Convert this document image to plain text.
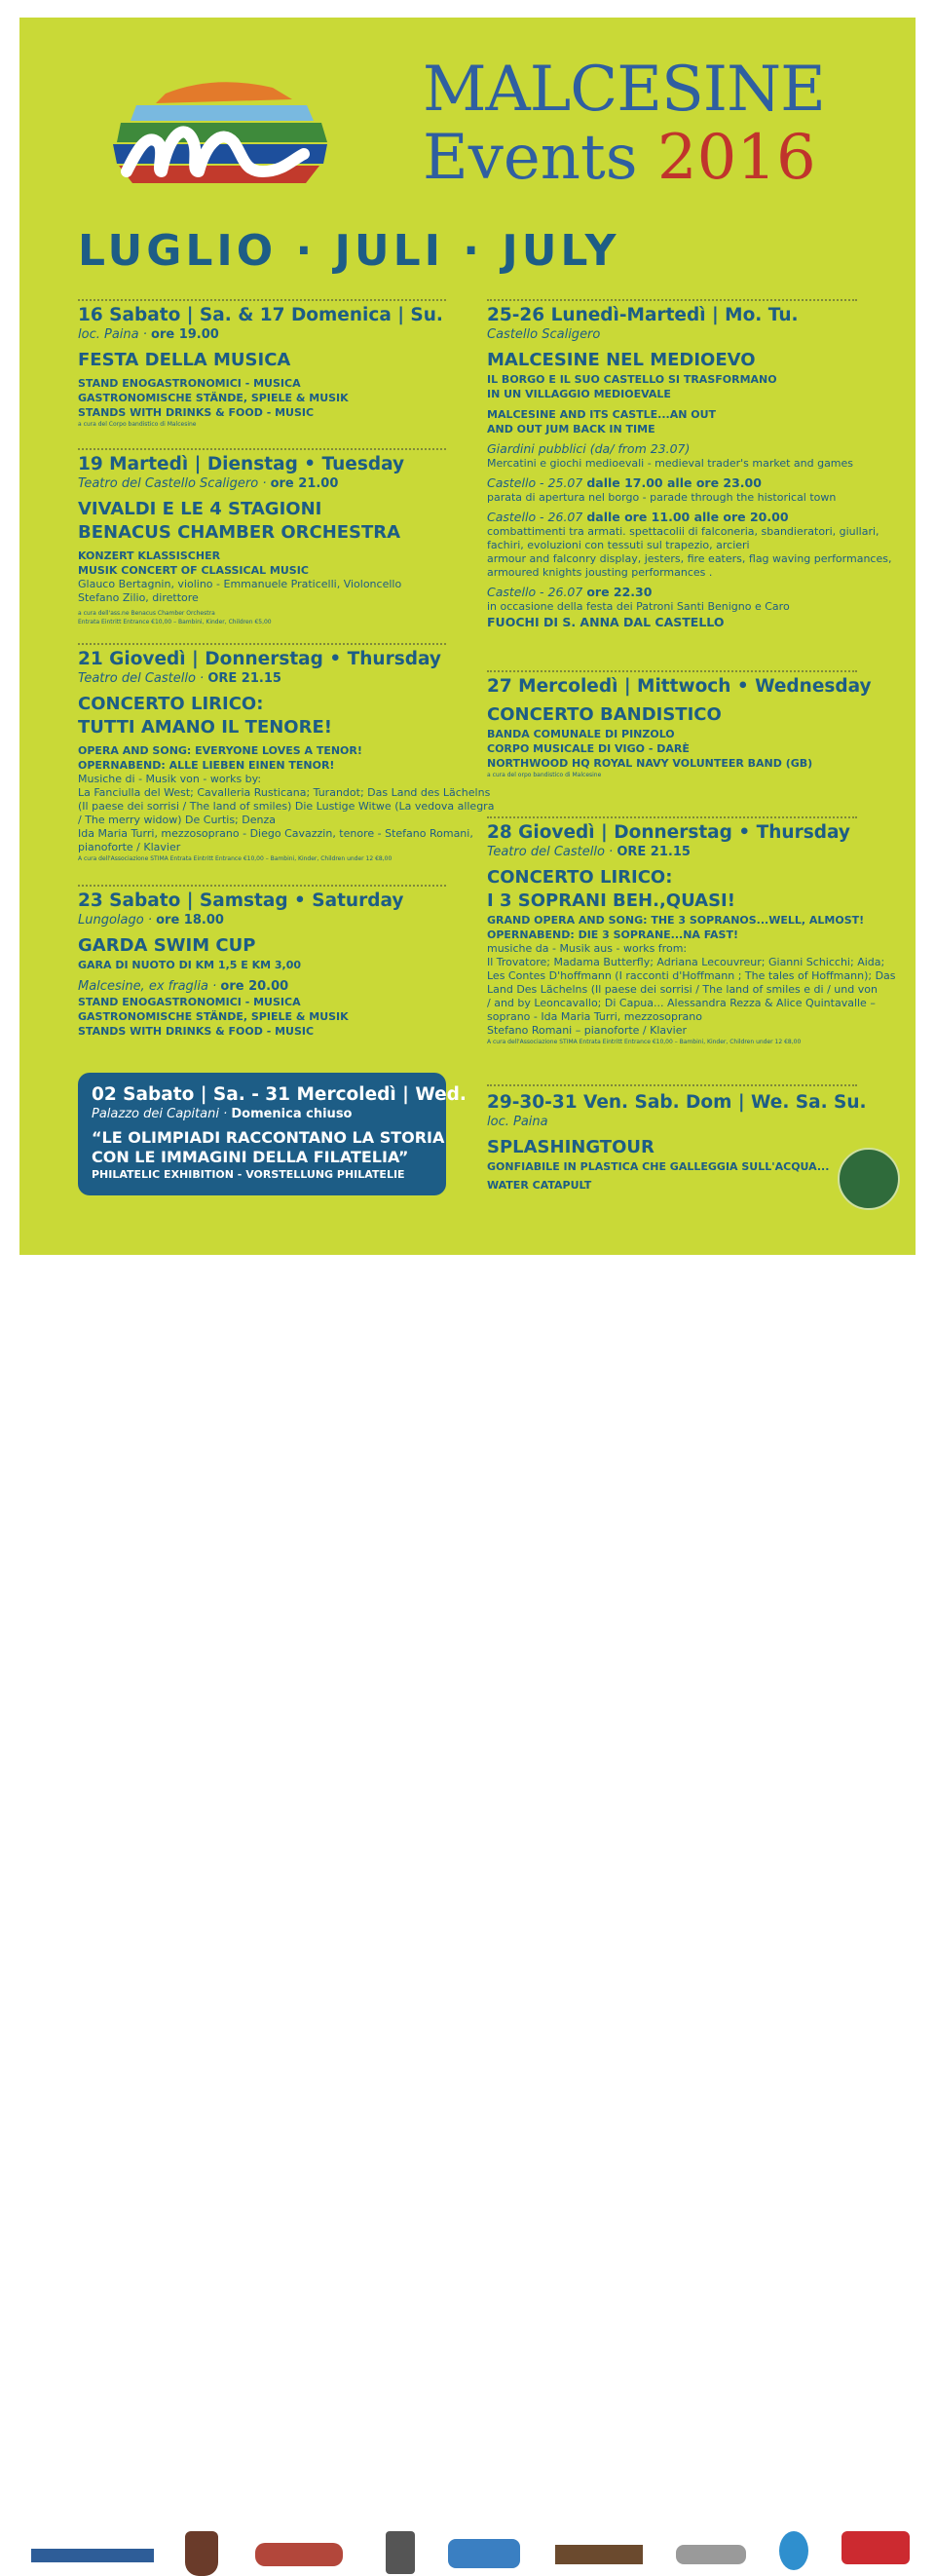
MALCESINE
Events 2016
LUGLIO · JULI · JULY
16 Sabato | Sa. & 17 Domenica | Su.
loc. Paina · ore 19.00
FESTA DELLA MUSICA
STAND ENOGASTRONOMICI - MUSICA
GASTRONOMISCHE STÄNDE, SPIELE & MUSIK
STANDS WITH DRINKS & FOOD - MUSIC
a cura del Corpo bandistico di Malcesine
19 Martedì | Dienstag • Tuesday
Teatro del Castello Scaligero · ore 21.00
VIVALDI E LE 4 STAGIONI
BENACUS CHAMBER ORCHESTRA
KONZERT KLASSISCHER
MUSIK CONCERT OF CLASSICAL MUSIC
Glauco Bertagnin, violino - Emmanuele Praticelli, Violoncello
Stefano Zilio, direttore
a cura dell'ass.ne Benacus Chamber Orchestra
Entrata Eintritt Entrance €10,00 – Bambini, Kinder, Children €5,00
21 Giovedì | Donnerstag • Thursday
Teatro del Castello · ORE 21.15
CONCERTO LIRICO:
TUTTI AMANO IL TENORE!
OPERA AND SONG: EVERYONE LOVES A TENOR!
OPERNABEND: ALLE LIEBEN EINEN TENOR!
Musiche di - Musik von - works by:
La Fanciulla del West; Cavalleria Rusticana; Turandot; Das Land des Lächelns
(Il paese dei sorrisi / The land of smiles) Die Lustige Witwe (La vedova allegra
/ The merry widow) De Curtis; Denza
Ida Maria Turri, mezzosoprano - Diego Cavazzin, tenore - Stefano Romani,
pianoforte / Klavier
A cura dell'Associazione STIMA Entrata Eintritt Entrance €10,00 – Bambini, Kinder, Children under 12 €8,00
23 Sabato | Samstag • Saturday
Lungolago · ore 18.00
GARDA SWIM CUP
GARA DI NUOTO DI KM 1,5 E KM 3,00
Malcesine, ex fraglia · ore 20.00
STAND ENOGASTRONOMICI - MUSICA
GASTRONOMISCHE STÄNDE, SPIELE & MUSIK
STANDS WITH DRINKS & FOOD - MUSIC
02 Sabato | Sa. - 31 Mercoledì | Wed.
Palazzo dei Capitani · Domenica chiuso
“LE OLIMPIADI RACCONTANO LA STORIA
CON LE IMMAGINI DELLA FILATELIA”
PHILATELIC EXHIBITION - VORSTELLUNG PHILATELIE
25-26 Lunedì-Martedì | Mo. Tu.
Castello Scaligero
MALCESINE NEL MEDIOEVO
IL BORGO E IL SUO CASTELLO SI TRASFORMANO
IN UN VILLAGGIO MEDIOEVALE
MALCESINE AND ITS CASTLE...AN OUT
AND OUT JUM BACK IN TIME
Giardini pubblici (da/ from 23.07)
Mercatini e giochi medioevali - medieval trader's market and games
Castello - 25.07 dalle 17.00 alle ore 23.00
parata di apertura nel borgo - parade through the historical town
Castello - 26.07 dalle ore 11.00 alle ore 20.00
combattimenti tra armati. spettacolii di falconeria, sbandieratori, giullari,
fachiri, evoluzioni con tessuti sul trapezio, arcieri
armour and falconry display, jesters, fire eaters, flag waving performances,
armoured knights jousting performances .
Castello - 26.07 ore 22.30
in occasione della festa dei Patroni Santi Benigno e Caro
FUOCHI DI S. ANNA DAL CASTELLO
27 Mercoledì | Mittwoch • Wednesday
CONCERTO BANDISTICO
BANDA COMUNALE DI PINZOLO
CORPO MUSICALE DI VIGO - DARÈ
NORTHWOOD HQ ROYAL NAVY VOLUNTEER BAND (GB)
a cura del orpo bandistico di Malcesine
28 Giovedì | Donnerstag • Thursday
Teatro del Castello · ORE 21.15
CONCERTO LIRICO:
I 3 SOPRANI BEH.,QUASI!
GRAND OPERA AND SONG: THE 3 SOPRANOS...WELL, ALMOST!
OPERNABEND: DIE 3 SOPRANE...NA FAST!
musiche da - Musik aus - works from:
Il Trovatore; Madama Butterfly; Adriana Lecouvreur; Gianni Schicchi; Aida;
Les Contes D'hoffmann (I racconti d'Hoffmann ; The tales of Hoffmann); Das
Land Des Lächelns (Il paese dei sorrisi / The land of smiles e di / und von
/ and by Leoncavallo; Di Capua... Alessandra Rezza & Alice Quintavalle –
soprano - Ida Maria Turri, mezzosoprano
Stefano Romani – pianoforte / Klavier
A cura dell'Associazione STIMA Entrata Eintritt Entrance €10,00 – Bambini, Kinder, Children under 12 €8,00
29-30-31 Ven. Sab. Dom | We. Sa. Su.
loc. Paina
SPLASHINGTOUR
GONFIABILE IN PLASTICA CHE GALLEGGIA SULL'ACQUA...
WATER CATAPULT
